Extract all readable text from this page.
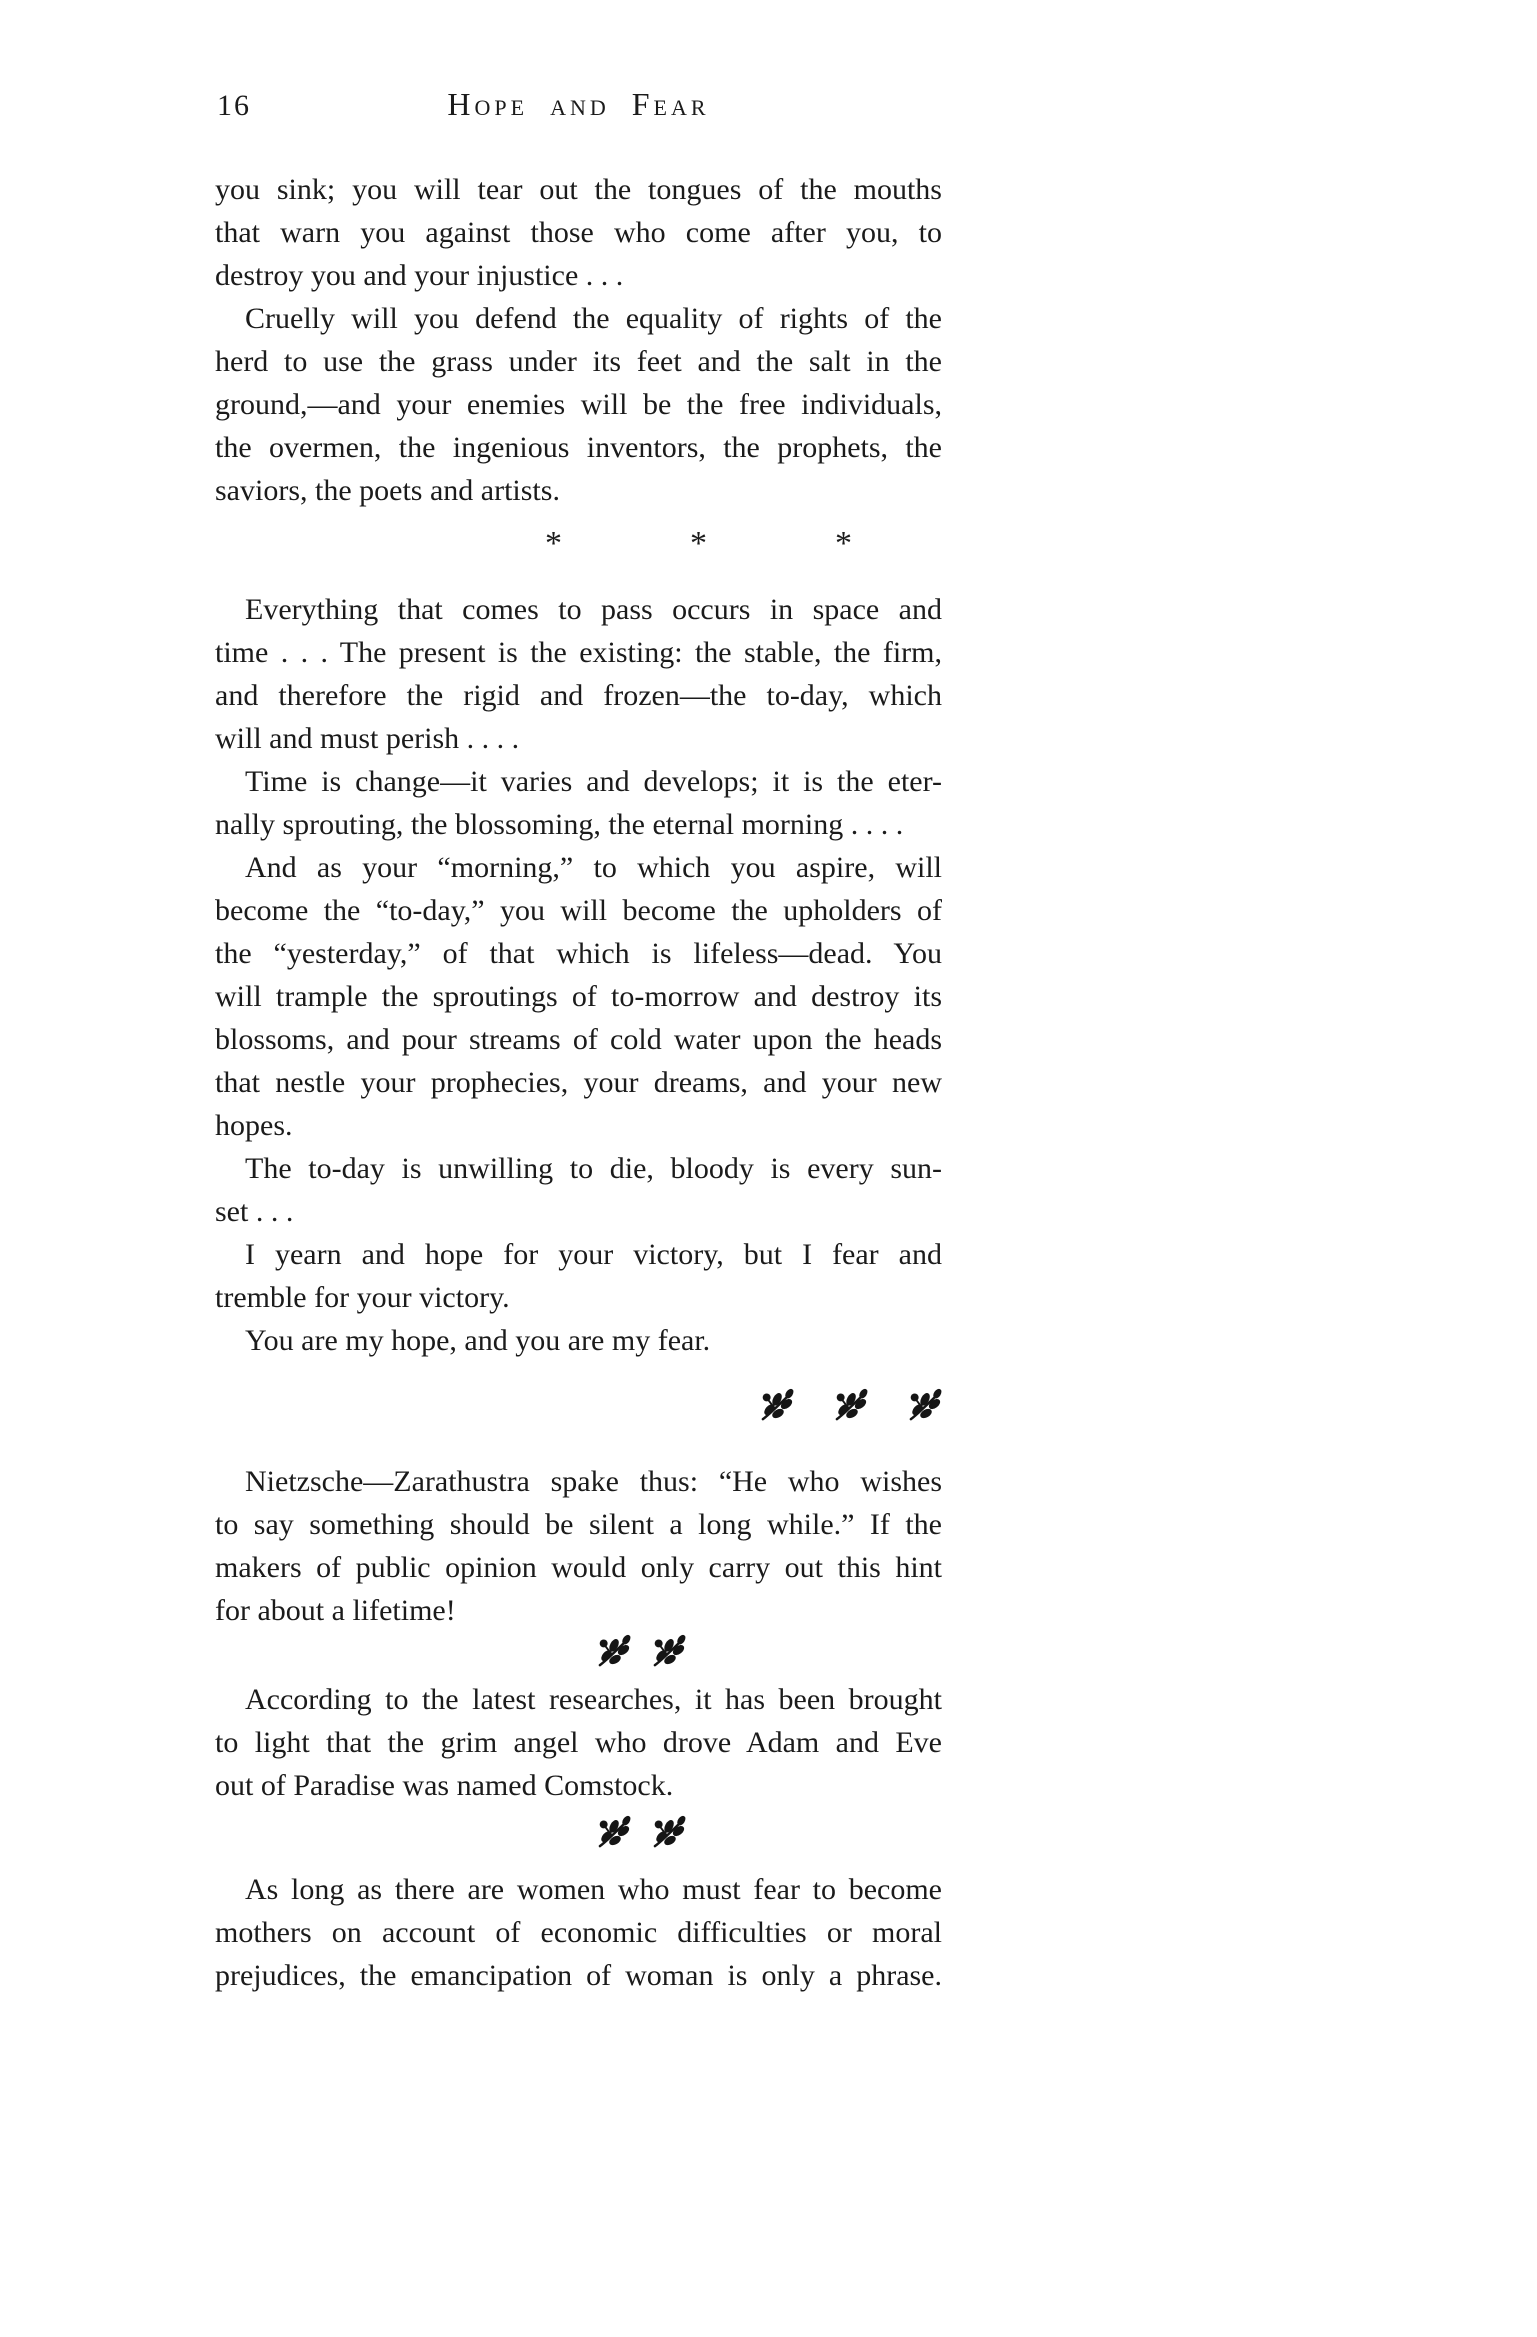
16	Hope and Fear
you sink; you will tear out the tongues of the mouths
that warn you against those who come after you, to
destroy you and your injustice . . .
Cruelly will you defend the equality of rights of the
herd to use the grass under its feet and the salt in the
ground,—and your enemies will be the free individuals,
the overmen, the ingenious inventors, the prophets, the
saviors, the poets and artists.
*	*	*
Everything that comes to pass occurs in space and
time . . . The present is the existing: the stable, the firm,
and therefore the rigid and frozen—the to-day, which
will and must perish . . . .
Time is change—it varies and develops; it is the eter-
nally sprouting, the blossoming, the eternal morning . . . .
And as your “morning,” to which you aspire, will
become the “to-day,” you will become the upholders of
the “yesterday,” of that which is lifeless—dead. You
will trample the sproutings of to-morrow and destroy its
blossoms, and pour streams of cold water upon the heads
that nestle your prophecies, your dreams, and your new
hopes.
The to-day is unwilling to die, bloody is every sun-
set . . .
I yearn and hope for your victory, but I fear and
tremble for your victory.
You are my hope, and you are my fear.
Nietzsche—Zarathustra spake thus: “He who wishes
to say something should be silent a long while.” If the
makers of public opinion would only carry out this hint
for about a lifetime!
According to the latest researches, it has been brought
to light that the grim angel who drove Adam and Eve
out of Paradise was named Comstock.
As long as there are women who must fear to become
mothers on account of economic difficulties or moral
prejudices, the emancipation of woman is only a phrase.
